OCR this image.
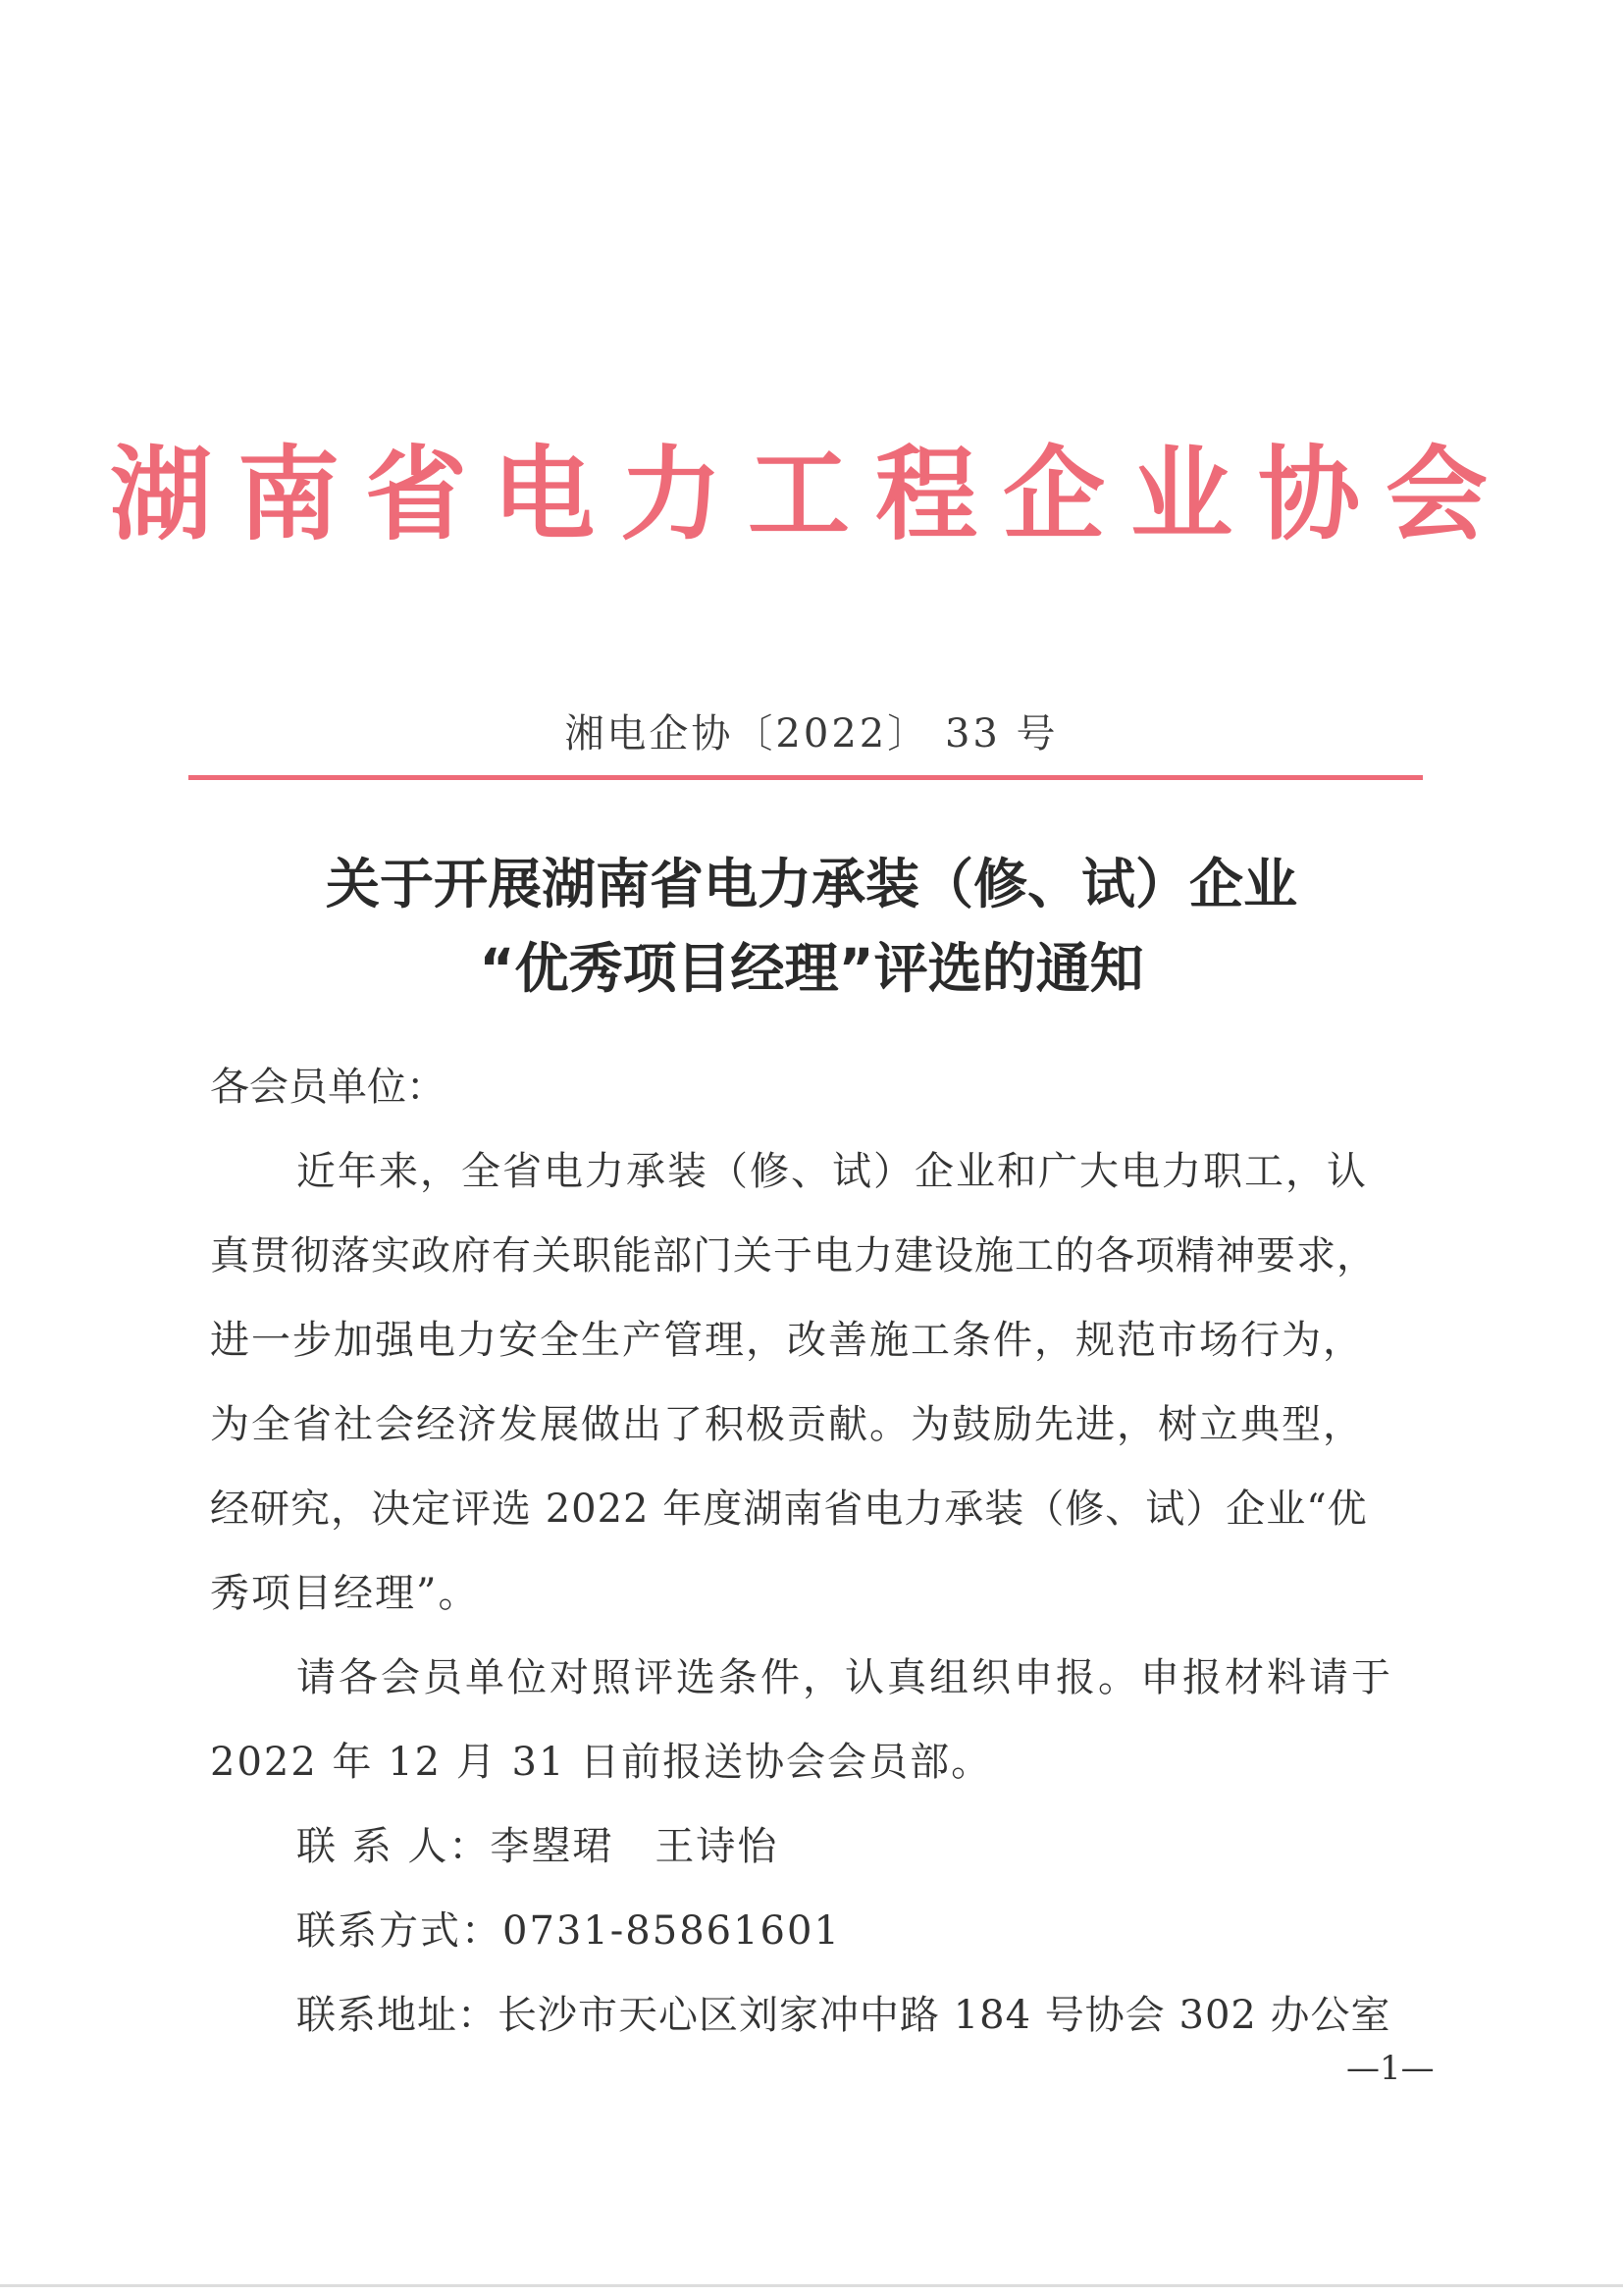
湖南省电力工程企业协会
湘电企协〔2022〕 33 号
关于开展湖南省电力承装（修、试）企业
“优秀项目经理”评选的通知
各会员单位：
近年来，全省电力承装（修、试）企业和广大电力职工，认
真贯彻落实政府有关职能部门关于电力建设施工的各项精神要求，
进一步加强电力安全生产管理，改善施工条件，规范市场行为，
为全省社会经济发展做出了积极贡献。为鼓励先进，树立典型，
经研究，决定评选 2022 年度湖南省电力承装（修、试）企业“优
秀项目经理”。
请各会员单位对照评选条件，认真组织申报。申报材料请于
2022 年 12 月 31 日前报送协会会员部。
联 系 人：李曌珺　王诗怡
联系方式：0731-85861601
联系地址：长沙市天心区刘家冲中路 184 号协会 302 办公室
—1—
